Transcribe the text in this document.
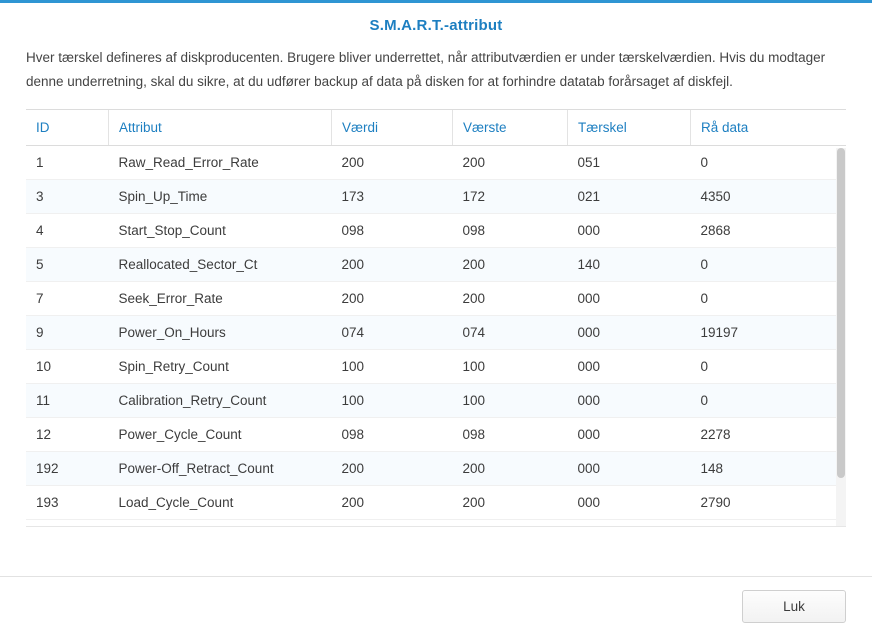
S.M.A.R.T.-attribut
Hver tærskel defineres af diskproducenten. Brugere bliver underrettet, når attributværdien er under tærskelværdien. Hvis du modtager denne underretning, skal du sikre, at du udfører backup af data på disken for at forhindre datatab forårsaget af diskfejl.
ID	Attribut	Værdi	Værste	Tærskel	Rå data	
1	Raw_Read_Error_Rate	200	200	051	0	
3	Spin_Up_Time	173	172	021	4350	
4	Start_Stop_Count	098	098	000	2868	
5	Reallocated_Sector_Ct	200	200	140	0	
7	Seek_Error_Rate	200	200	000	0	
9	Power_On_Hours	074	074	000	19197	
10	Spin_Retry_Count	100	100	000	0	
11	Calibration_Retry_Count	100	100	000	0	
12	Power_Cycle_Count	098	098	000	2278	
192	Power-Off_Retract_Count	200	200	000	148	
193	Load_Cycle_Count	200	200	000	2790	
Luk
